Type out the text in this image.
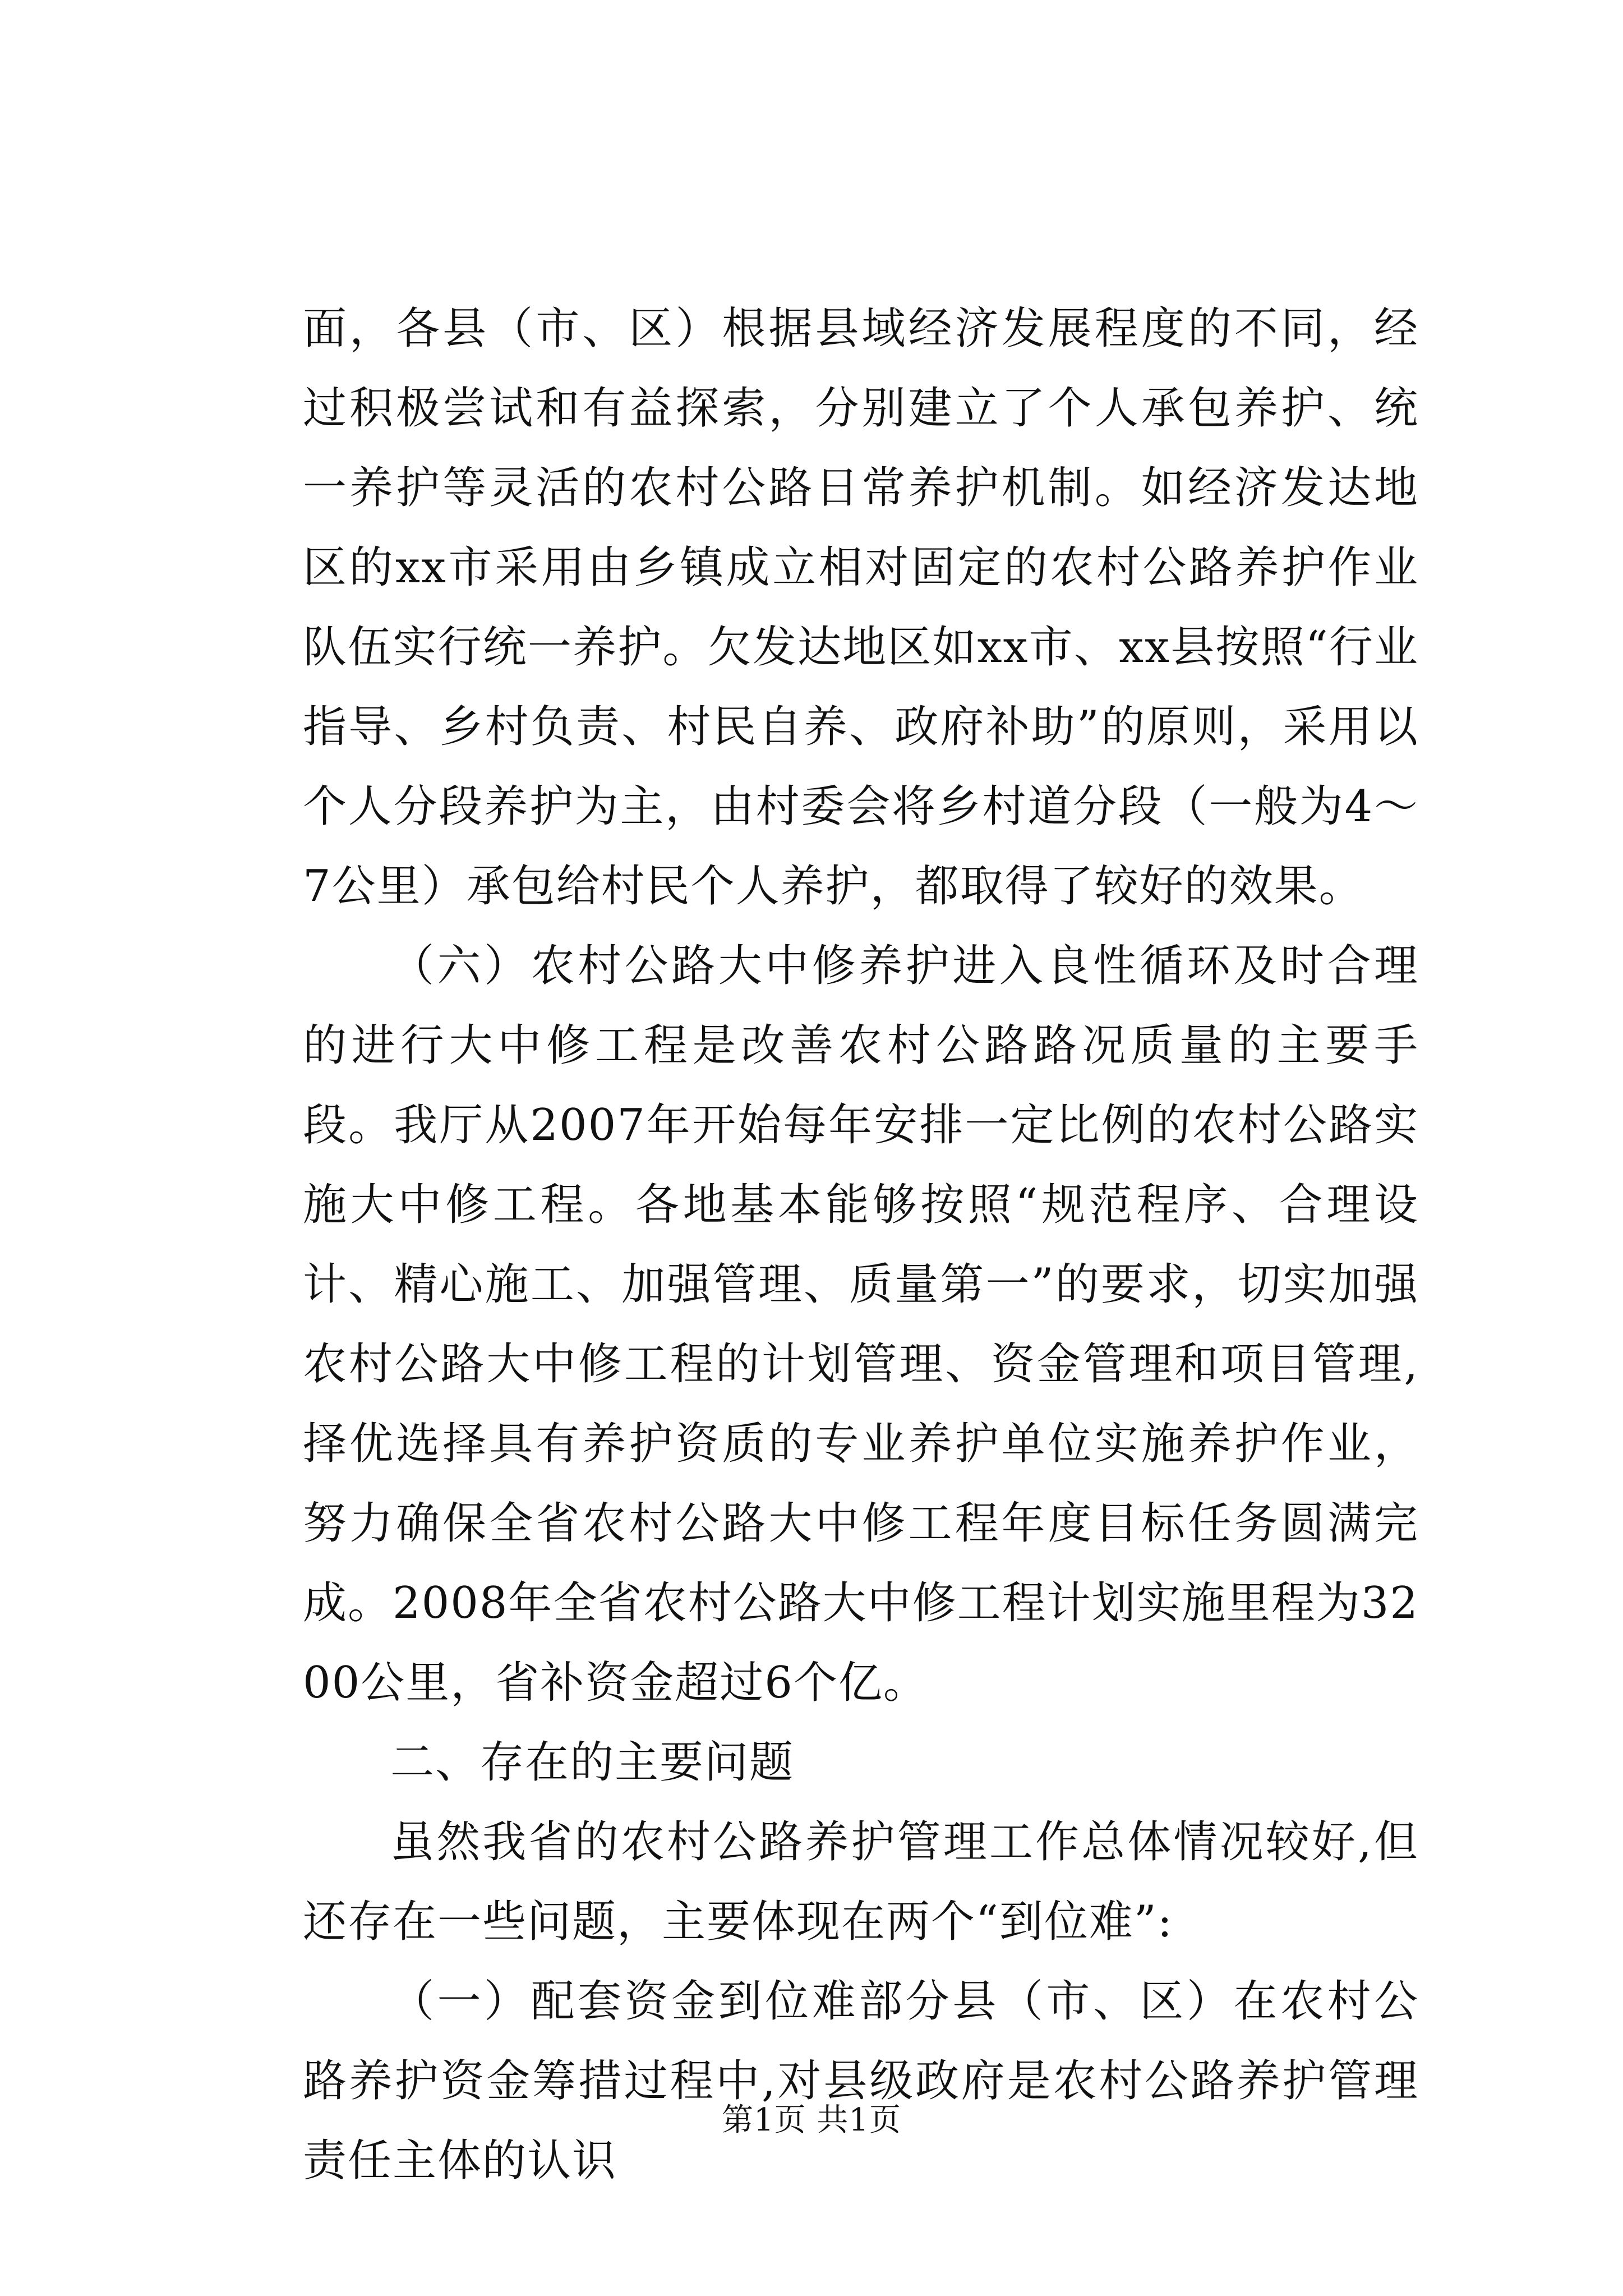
面，各县（市、区）根据县域经济发展程度的不同，经过积极尝试和有益探索，分别建立了个人承包养护、统一养护等灵活的农村公路日常养护机制。如经济发达地区的xx市采用由乡镇成立相对固定的农村公路养护作业队伍实行统一养护。欠发达地区如xx市、xx县按照“行业指导、乡村负责、村民自养、政府补助”的原则，采用以个人分段养护为主，由村委会将乡村道分段（一般为4～7公里）承包给村民个人养护，都取得了较好的效果。

（六）农村公路大中修养护进入良性循环及时合理的进行大中修工程是改善农村公路路况质量的主要手段。我厅从2007年开始每年安排一定比例的农村公路实施大中修工程。各地基本能够按照“规范程序、合理设计、精心施工、加强管理、质量第一”的要求，切实加强农村公路大中修工程的计划管理、资金管理和项目管理,择优选择具有养护资质的专业养护单位实施养护作业，努力确保全省农村公路大中修工程年度目标任务圆满完成。2008年全省农村公路大中修工程计划实施里程为3200公里，省补资金超过6个亿。

二、存在的主要问题

虽然我省的农村公路养护管理工作总体情况较好,但还存在一些问题，主要体现在两个“到位难”:

（一）配套资金到位难部分县（市、区）在农村公路养护资金筹措过程中,对县级政府是农村公路养护管理责任主体的认识

第1页 共1页
